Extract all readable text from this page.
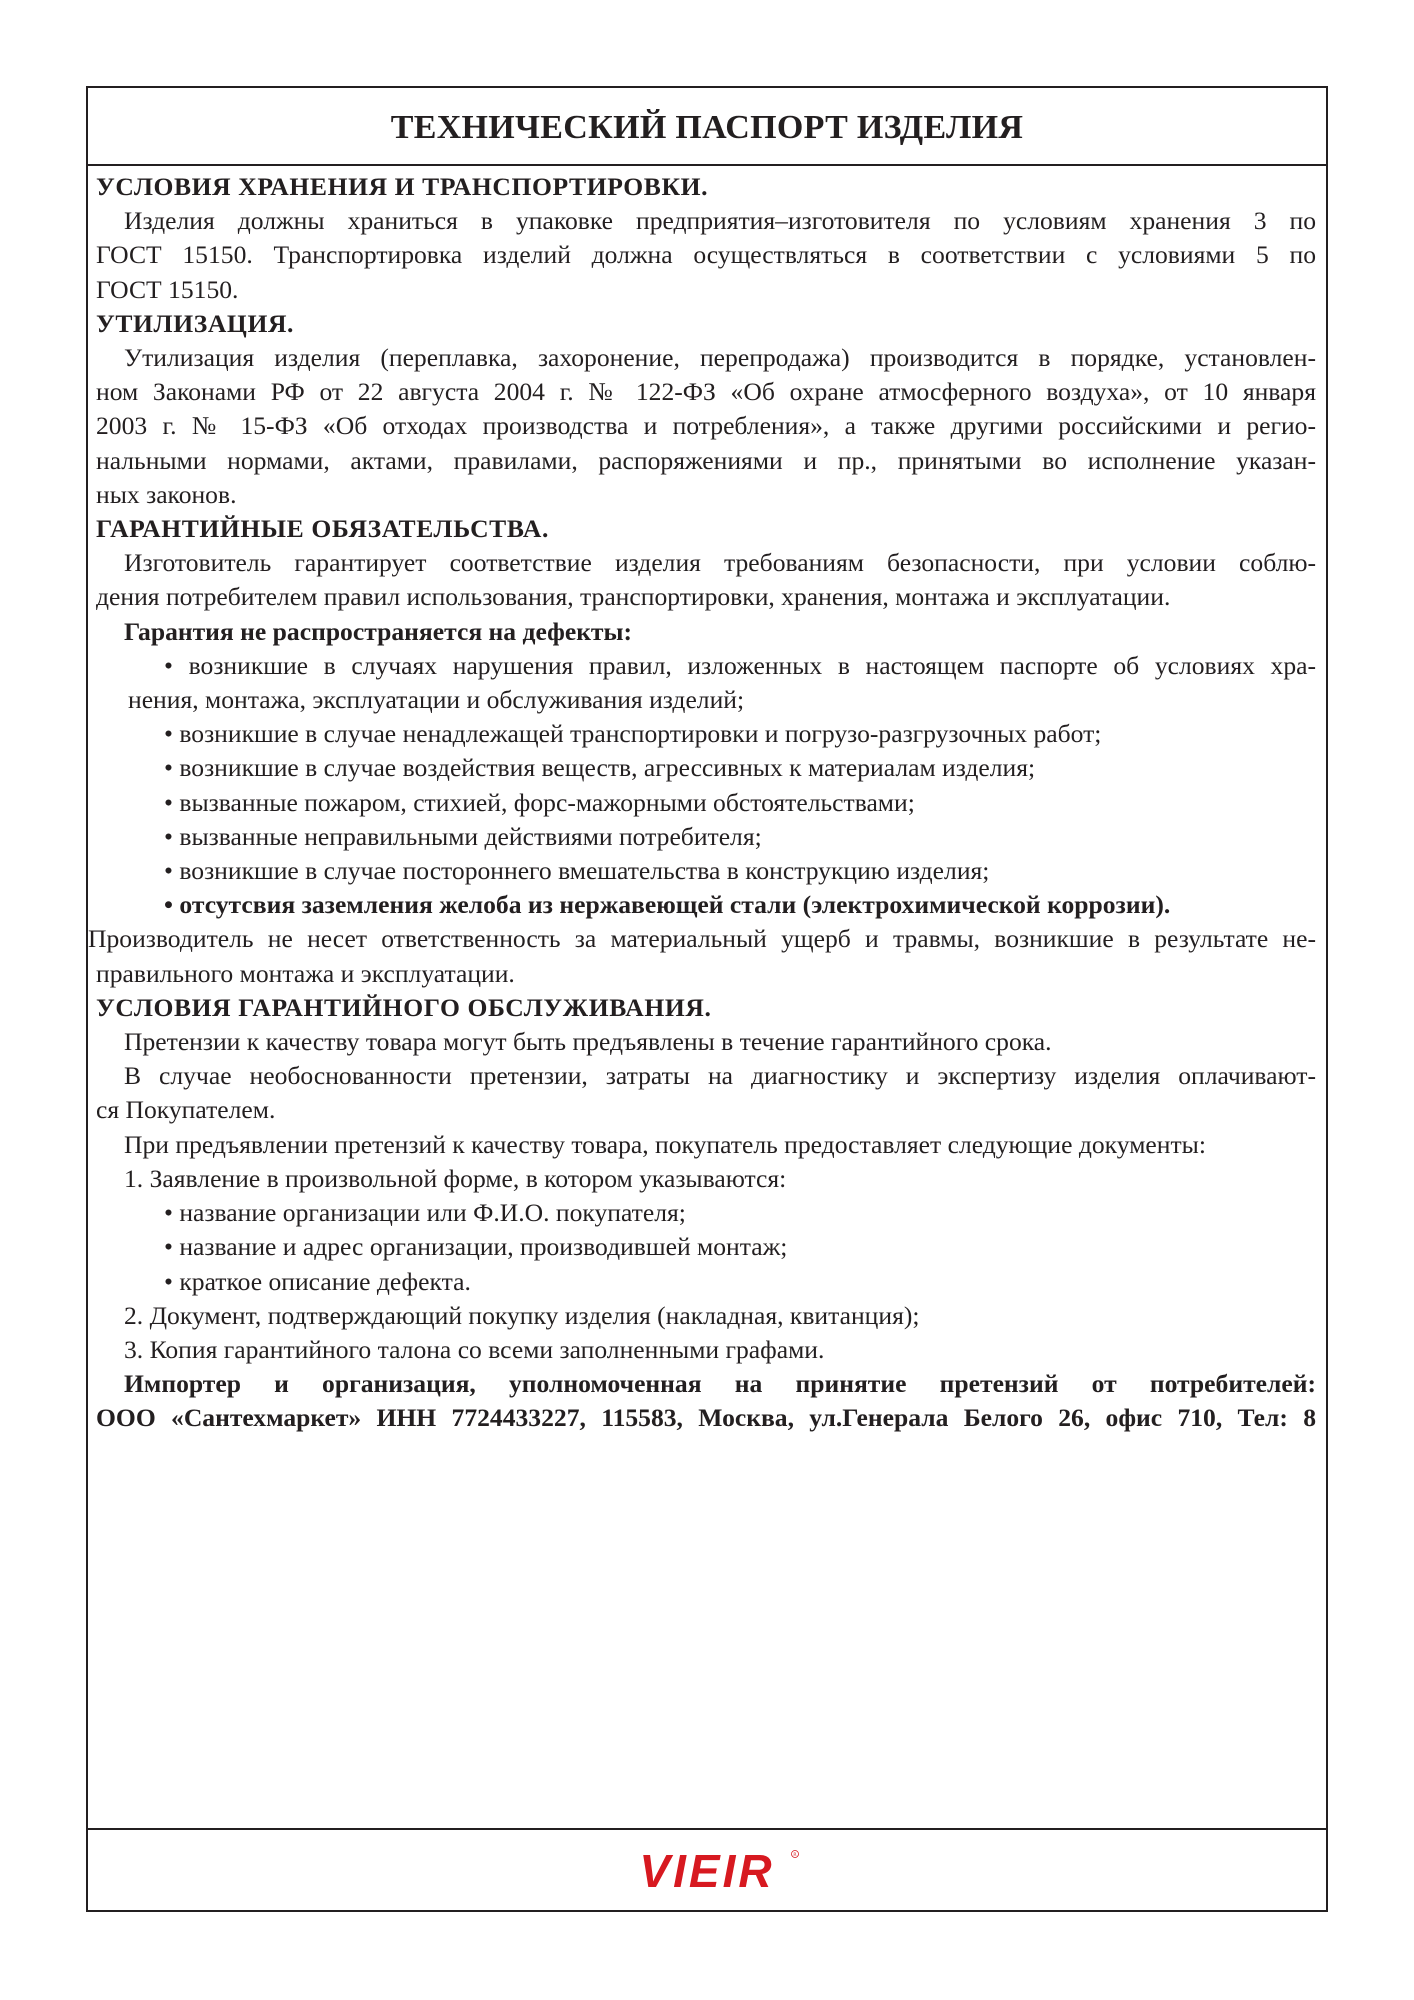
ТЕХНИЧЕСКИЙ ПАСПОРТ ИЗДЕЛИЯ

УСЛОВИЯ ХРАНЕНИЯ И ТРАНСПОРТИРОВКИ.

Изделия должны храниться в упаковке предприятия–изготовителя по условиям хранения 3 по

ГОСТ 15150. Транспортировка изделий должна осуществляться в соответствии с условиями 5 по

ГОСТ 15150.

УТИЛИЗАЦИЯ.

Утилизация изделия (переплавка, захоронение, перепродажа) производится в порядке, установлен-

ном Законами РФ от 22 августа 2004 г. № 122-ФЗ «Об охране атмосферного воздуха», от 10 января

2003 г. № 15-ФЗ «Об отходах производства и потребления», а также другими российскими и регио-

нальными нормами, актами, правилами, распоряжениями и пр., принятыми во исполнение указан-

ных законов.

ГАРАНТИЙНЫЕ ОБЯЗАТЕЛЬСТВА.

Изготовитель гарантирует соответствие изделия требованиям безопасности, при условии соблю-

дения потребителем правил использования, транспортировки, хранения, монтажа и эксплуатации.

Гарантия не распространяется на дефекты:

• возникшие в случаях нарушения правил, изложенных в настоящем паспорте об условиях хра-

нения, монтажа, эксплуатации и обслуживания изделий;

• возникшие в случае ненадлежащей транспортировки и погрузо-разгрузочных работ;

• возникшие в случае воздействия веществ, агрессивных к материалам изделия;

• вызванные пожаром, стихией, форс-мажорными обстоятельствами;

• вызванные неправильными действиями потребителя;

• возникшие в случае постороннего вмешательства в конструкцию изделия;

• отсутсвия заземления желоба из нержавеющей стали (электрохимической коррозии).

Производитель не несет ответственность за материальный ущерб и травмы, возникшие в результате не-

правильного монтажа и эксплуатации.

УСЛОВИЯ ГАРАНТИЙНОГО ОБСЛУЖИВАНИЯ.

Претензии к качеству товара могут быть предъявлены в течение гарантийного срока.

В случае необоснованности претензии, затраты на диагностику и экспертизу изделия оплачивают-

ся Покупателем.

При предъявлении претензий к качеству товара, покупатель предоставляет следующие документы:

1. Заявление в произвольной форме, в котором указываются:

• название организации или Ф.И.О. покупателя;

• название и адрес организации, производившей монтаж;

• краткое описание дефекта.

2. Документ, подтверждающий покупку изделия (накладная, квитанция);

3. Копия гарантийного талона со всеми заполненными графами.

Импортер и организация, уполномоченная на принятие претензий от потребителей:

ООО «Сантехмаркет» ИНН 7724433227, 115583, Москва, ул.Генерала Белого 26, офис 710, Тел: 8

VIEIR	R
